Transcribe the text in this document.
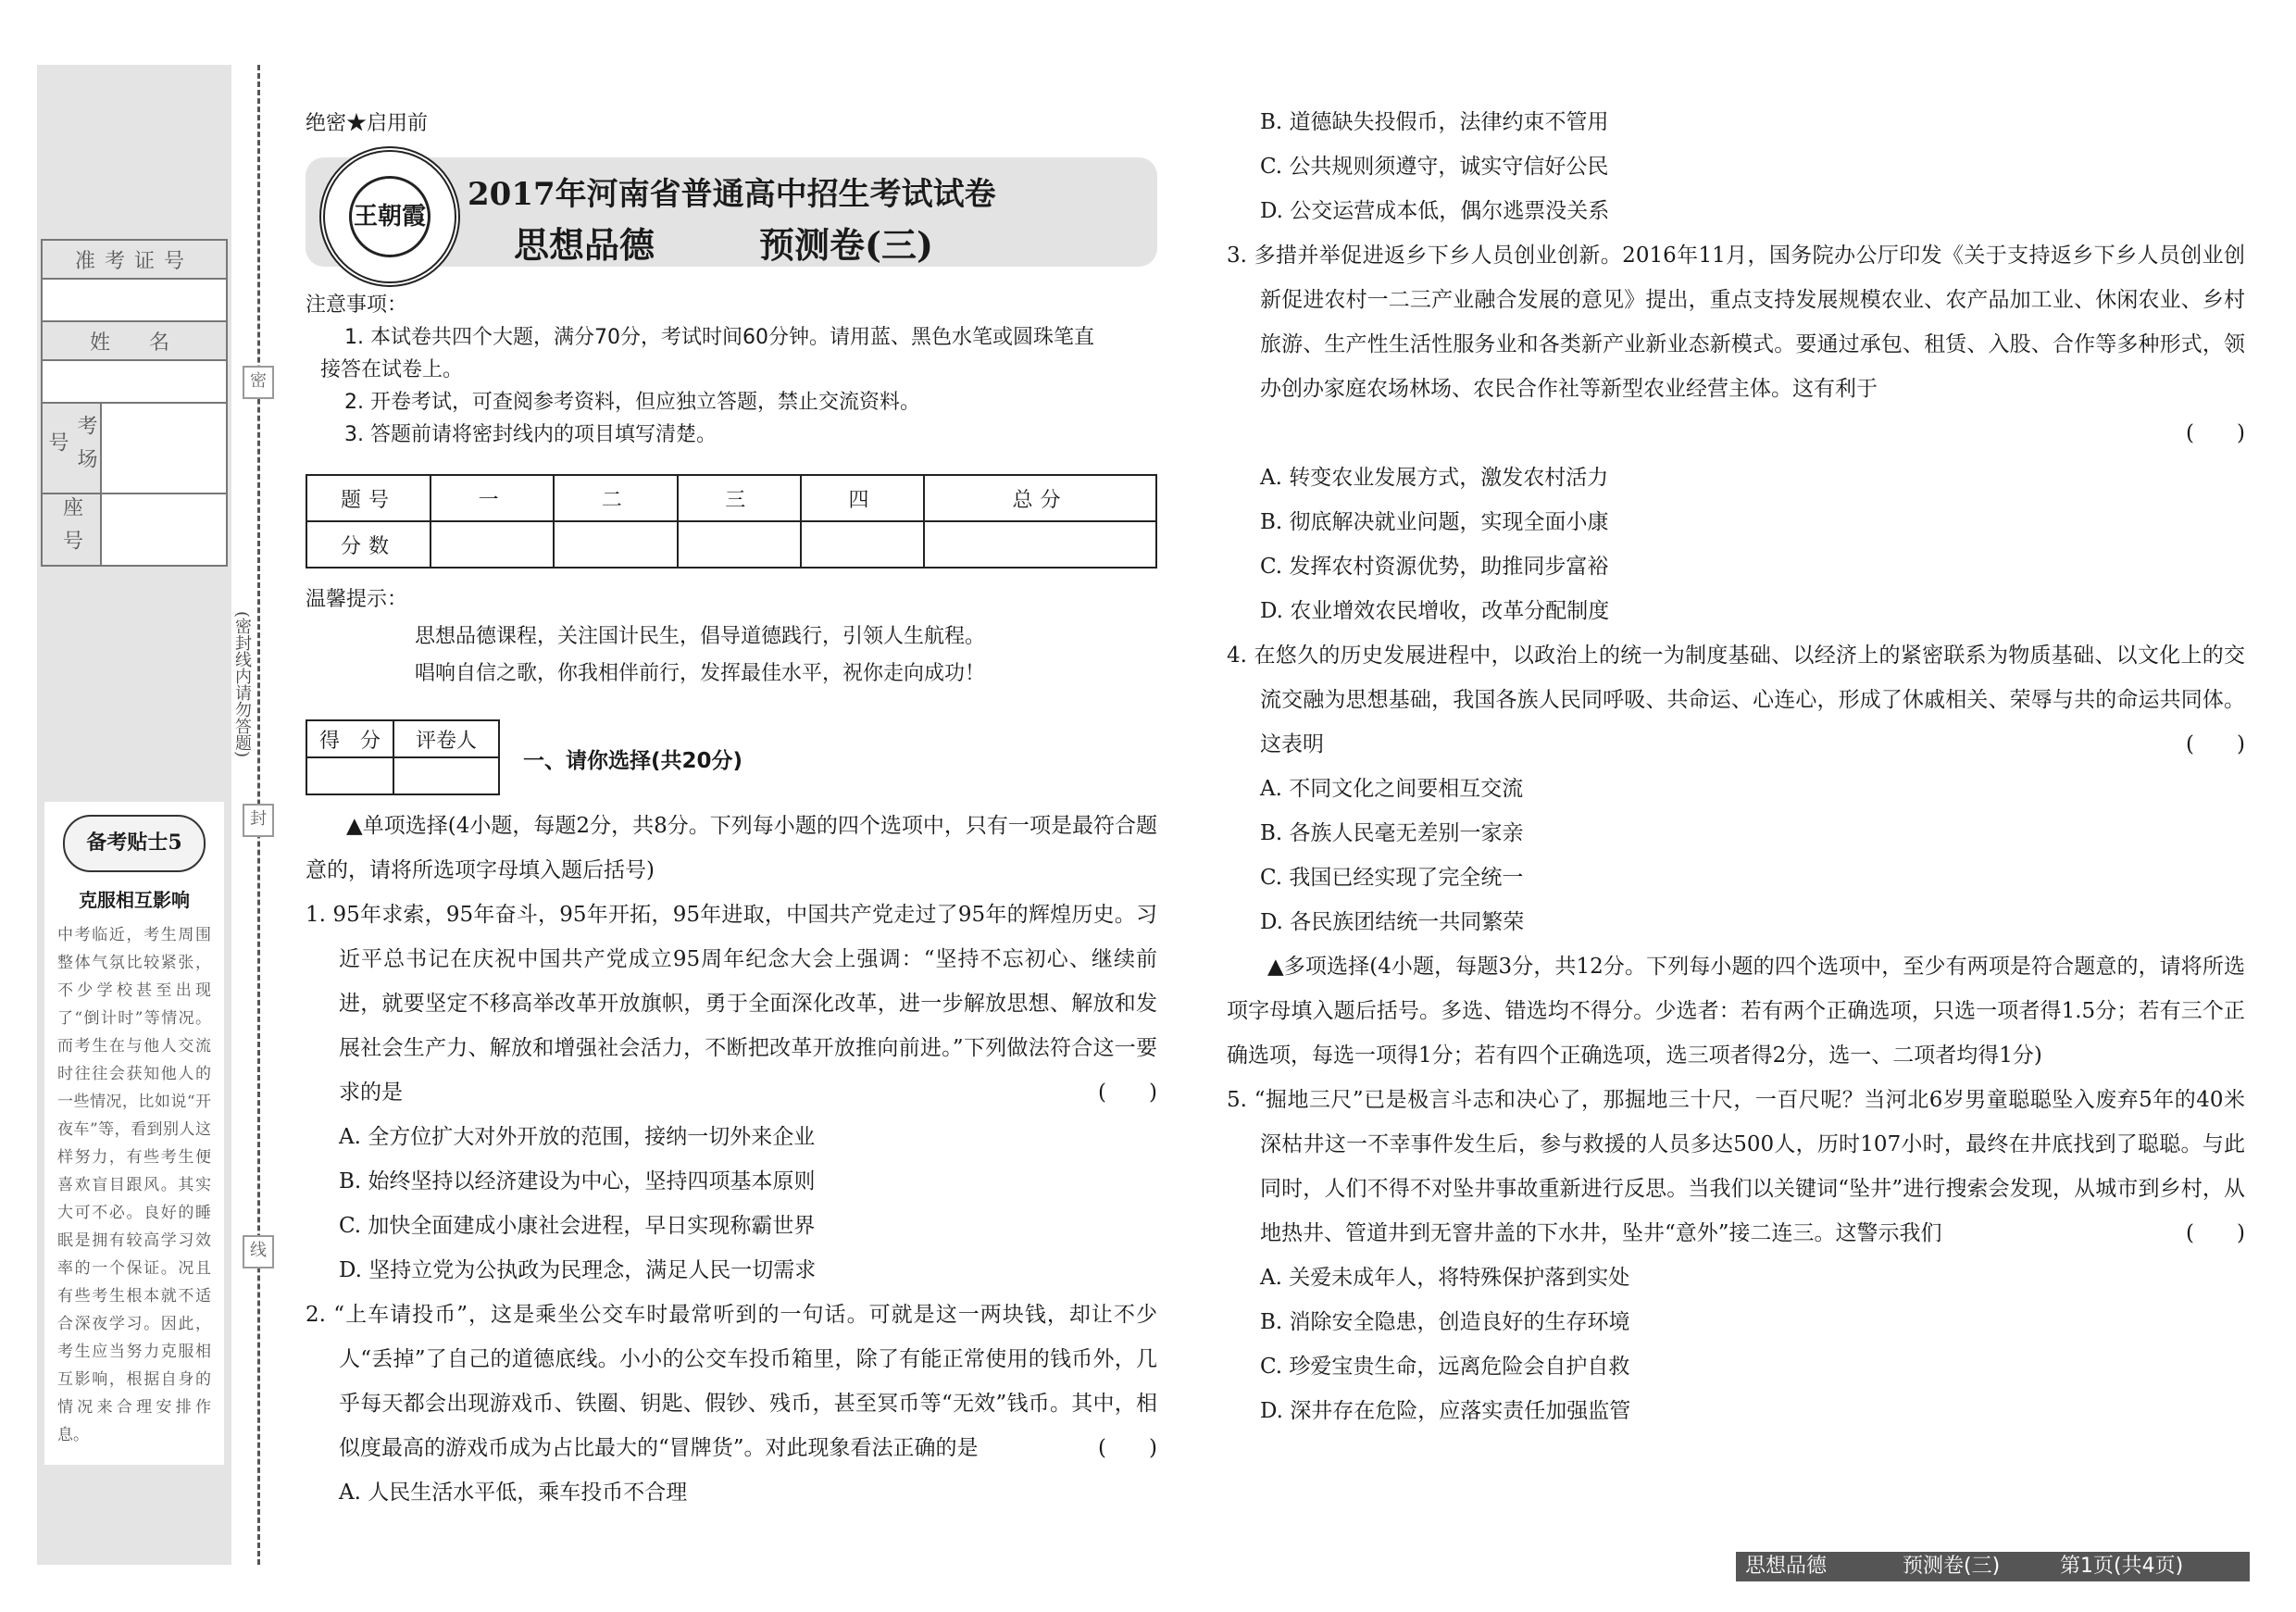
准考证号	

姓　名	

考场号	
座号	
备考贴士5
克服相互影响
中考临近，考生周围整体气氛比较紧张，不少学校甚至出现了“倒计时”等情况。而考生在与他人交流时往往会获知他人的一些情况，比如说“开夜车”等，看到别人这样努力，有些考生便喜欢盲目跟风。其实大可不必。良好的睡眠是拥有较高学习效率的一个保证。况且有些考生根本就不适合深夜学习。因此，考生应当努力克服相互影响，根据自身的情况来合理安排作息。
密
封
线
(密封线内请勿答题)
绝密★启用前
王朝霞
2017年河南省普通高中招生考试试卷
思想品德	预测卷(三)

注意事项：

1. 本试卷共四个大题，满分70分，考试时间60分钟。请用蓝、黑色水笔或圆珠笔直

接答在试卷上。

2. 开卷考试，可查阅参考资料，但应独立答题，禁止交流资料。

3. 答题前请将密封线内的项目填写清楚。

题号	一	二	三	四	总分
分数					
温馨提示：
思想品德课程，关注国计民生，倡导道德践行，引领人生航程。
唱响自信之歌，你我相伴前行，发挥最佳水平，祝你走向成功！
得　分	评卷人

一、请你选择(共20分)

▲单项选择(4小题，每题2分，共8分。下列每小题的四个选项中，只有一项是最符合题意的，请将所选项字母填入题后括号)

1. 95年求索，95年奋斗，95年开拓，95年进取，中国共产党走过了95年的辉煌历史。习近平总书记在庆祝中国共产党成立95周年纪念大会上强调：“坚持不忘初心、继续前进，就要坚定不移高举改革开放旗帜，勇于全面深化改革，进一步解放思想、解放和发展社会生产力、解放和增强社会活力，不断把改革开放推向前进。”下列做法符合这一要求的是	(　　)

A. 全方位扩大对外开放的范围，接纳一切外来企业

B. 始终坚持以经济建设为中心，坚持四项基本原则

C. 加快全面建成小康社会进程，早日实现称霸世界

D. 坚持立党为公执政为民理念，满足人民一切需求

2. “上车请投币”，这是乘坐公交车时最常听到的一句话。可就是这一两块钱，却让不少人“丢掉”了自己的道德底线。小小的公交车投币箱里，除了有能正常使用的钱币外，几乎每天都会出现游戏币、铁圈、钥匙、假钞、残币，甚至冥币等“无效”钱币。其中，相似度最高的游戏币成为占比最大的“冒牌货”。对此现象看法正确的是	(　　)

A. 人民生活水平低，乘车投币不合理

B. 道德缺失投假币，法律约束不管用

C. 公共规则须遵守，诚实守信好公民

D. 公交运营成本低，偶尔逃票没关系

3. 多措并举促进返乡下乡人员创业创新。2016年11月，国务院办公厅印发《关于支持返乡下乡人员创业创新促进农村一二三产业融合发展的意见》提出，重点支持发展规模农业、农产品加工业、休闲农业、乡村旅游、生产性生活性服务业和各类新产业新业态新模式。要通过承包、租赁、入股、合作等多种形式，领办创办家庭农场林场、农民合作社等新型农业经营主体。这有利于

(　　)

A. 转变农业发展方式，激发农村活力

B. 彻底解决就业问题，实现全面小康

C. 发挥农村资源优势，助推同步富裕

D. 农业增效农民增收，改革分配制度

4. 在悠久的历史发展进程中，以政治上的统一为制度基础、以经济上的紧密联系为物质基础、以文化上的交流交融为思想基础，我国各族人民同呼吸、共命运、心连心，形成了休戚相关、荣辱与共的命运共同体。这表明	(　　)

A. 不同文化之间要相互交流

B. 各族人民毫无差别一家亲

C. 我国已经实现了完全统一

D. 各民族团结统一共同繁荣

▲多项选择(4小题，每题3分，共12分。下列每小题的四个选项中，至少有两项是符合题意的，请将所选项字母填入题后括号。多选、错选均不得分。少选者：若有两个正确选项，只选一项者得1.5分；若有三个正确选项，每选一项得1分；若有四个正确选项，选三项者得2分，选一、二项者均得1分)

5. “掘地三尺”已是极言斗志和决心了，那掘地三十尺，一百尺呢？当河北6岁男童聪聪坠入废弃5年的40米深枯井这一不幸事件发生后，参与救援的人员多达500人，历时107小时，最终在井底找到了聪聪。与此同时，人们不得不对坠井事故重新进行反思。当我们以关键词“坠井”进行搜索会发现，从城市到乡村，从地热井、管道井到无窨井盖的下水井，坠井“意外”接二连三。这警示我们	(　　)

A. 关爱未成年人，将特殊保护落到实处

B. 消除安全隐患，创造良好的生存环境

C. 珍爱宝贵生命，远离危险会自护自救

D. 深井存在危险，应落实责任加强监管

思想品德	预测卷(三)	第1页(共4页)
